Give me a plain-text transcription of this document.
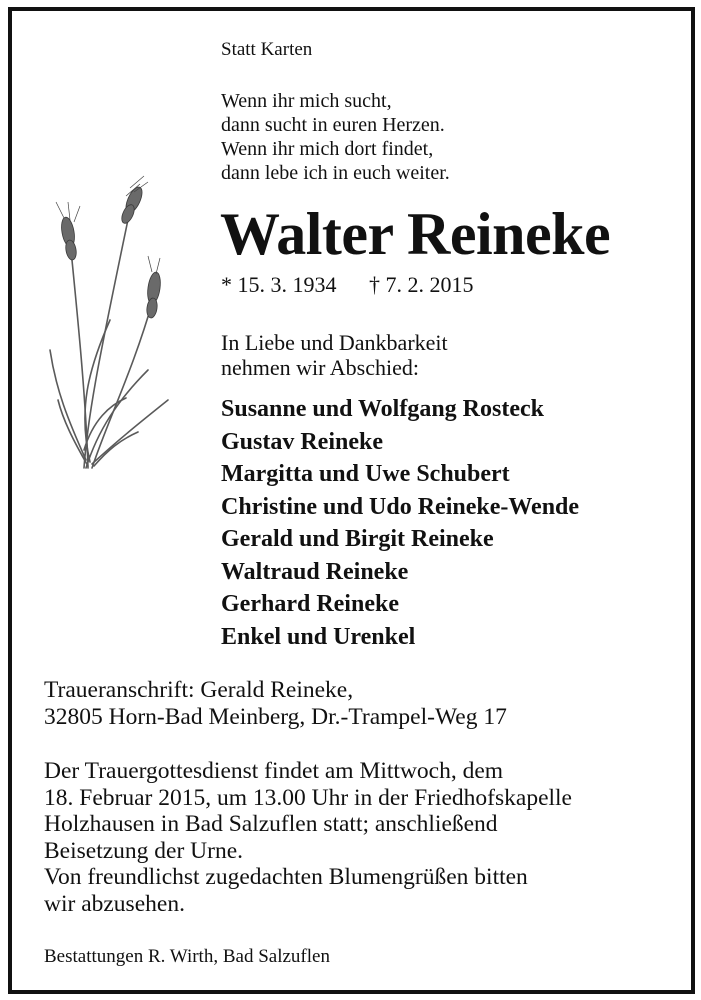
Statt Karten

Wenn ihr mich sucht,

dann sucht in euren Herzen.

Wenn ihr mich dort findet,

dann lebe ich in euch weiter.

Walter Reineke

* 15. 3. 1934 † 7. 2. 2015

In Liebe und Dankbarkeit

nehmen wir Abschied:

Susanne und Wolfgang Rosteck

Gustav Reineke

Margitta und Uwe Schubert

Christine und Udo Reineke-Wende

Gerald und Birgit Reineke

Waltraud Reineke

Gerhard Reineke

Enkel und Urenkel

Traueranschrift: Gerald Reineke,

32805 Horn-Bad Meinberg, Dr.-Trampel-Weg 17

Der Trauergottesdienst findet am Mittwoch, dem

18. Februar 2015, um 13.00 Uhr in der Friedhofskapelle

Holzhausen in Bad Salzuflen statt; anschließend

Beisetzung der Urne.

Von freundlichst zugedachten Blumengrüßen bitten

wir abzusehen.

Bestattungen R. Wirth, Bad Salzuflen
